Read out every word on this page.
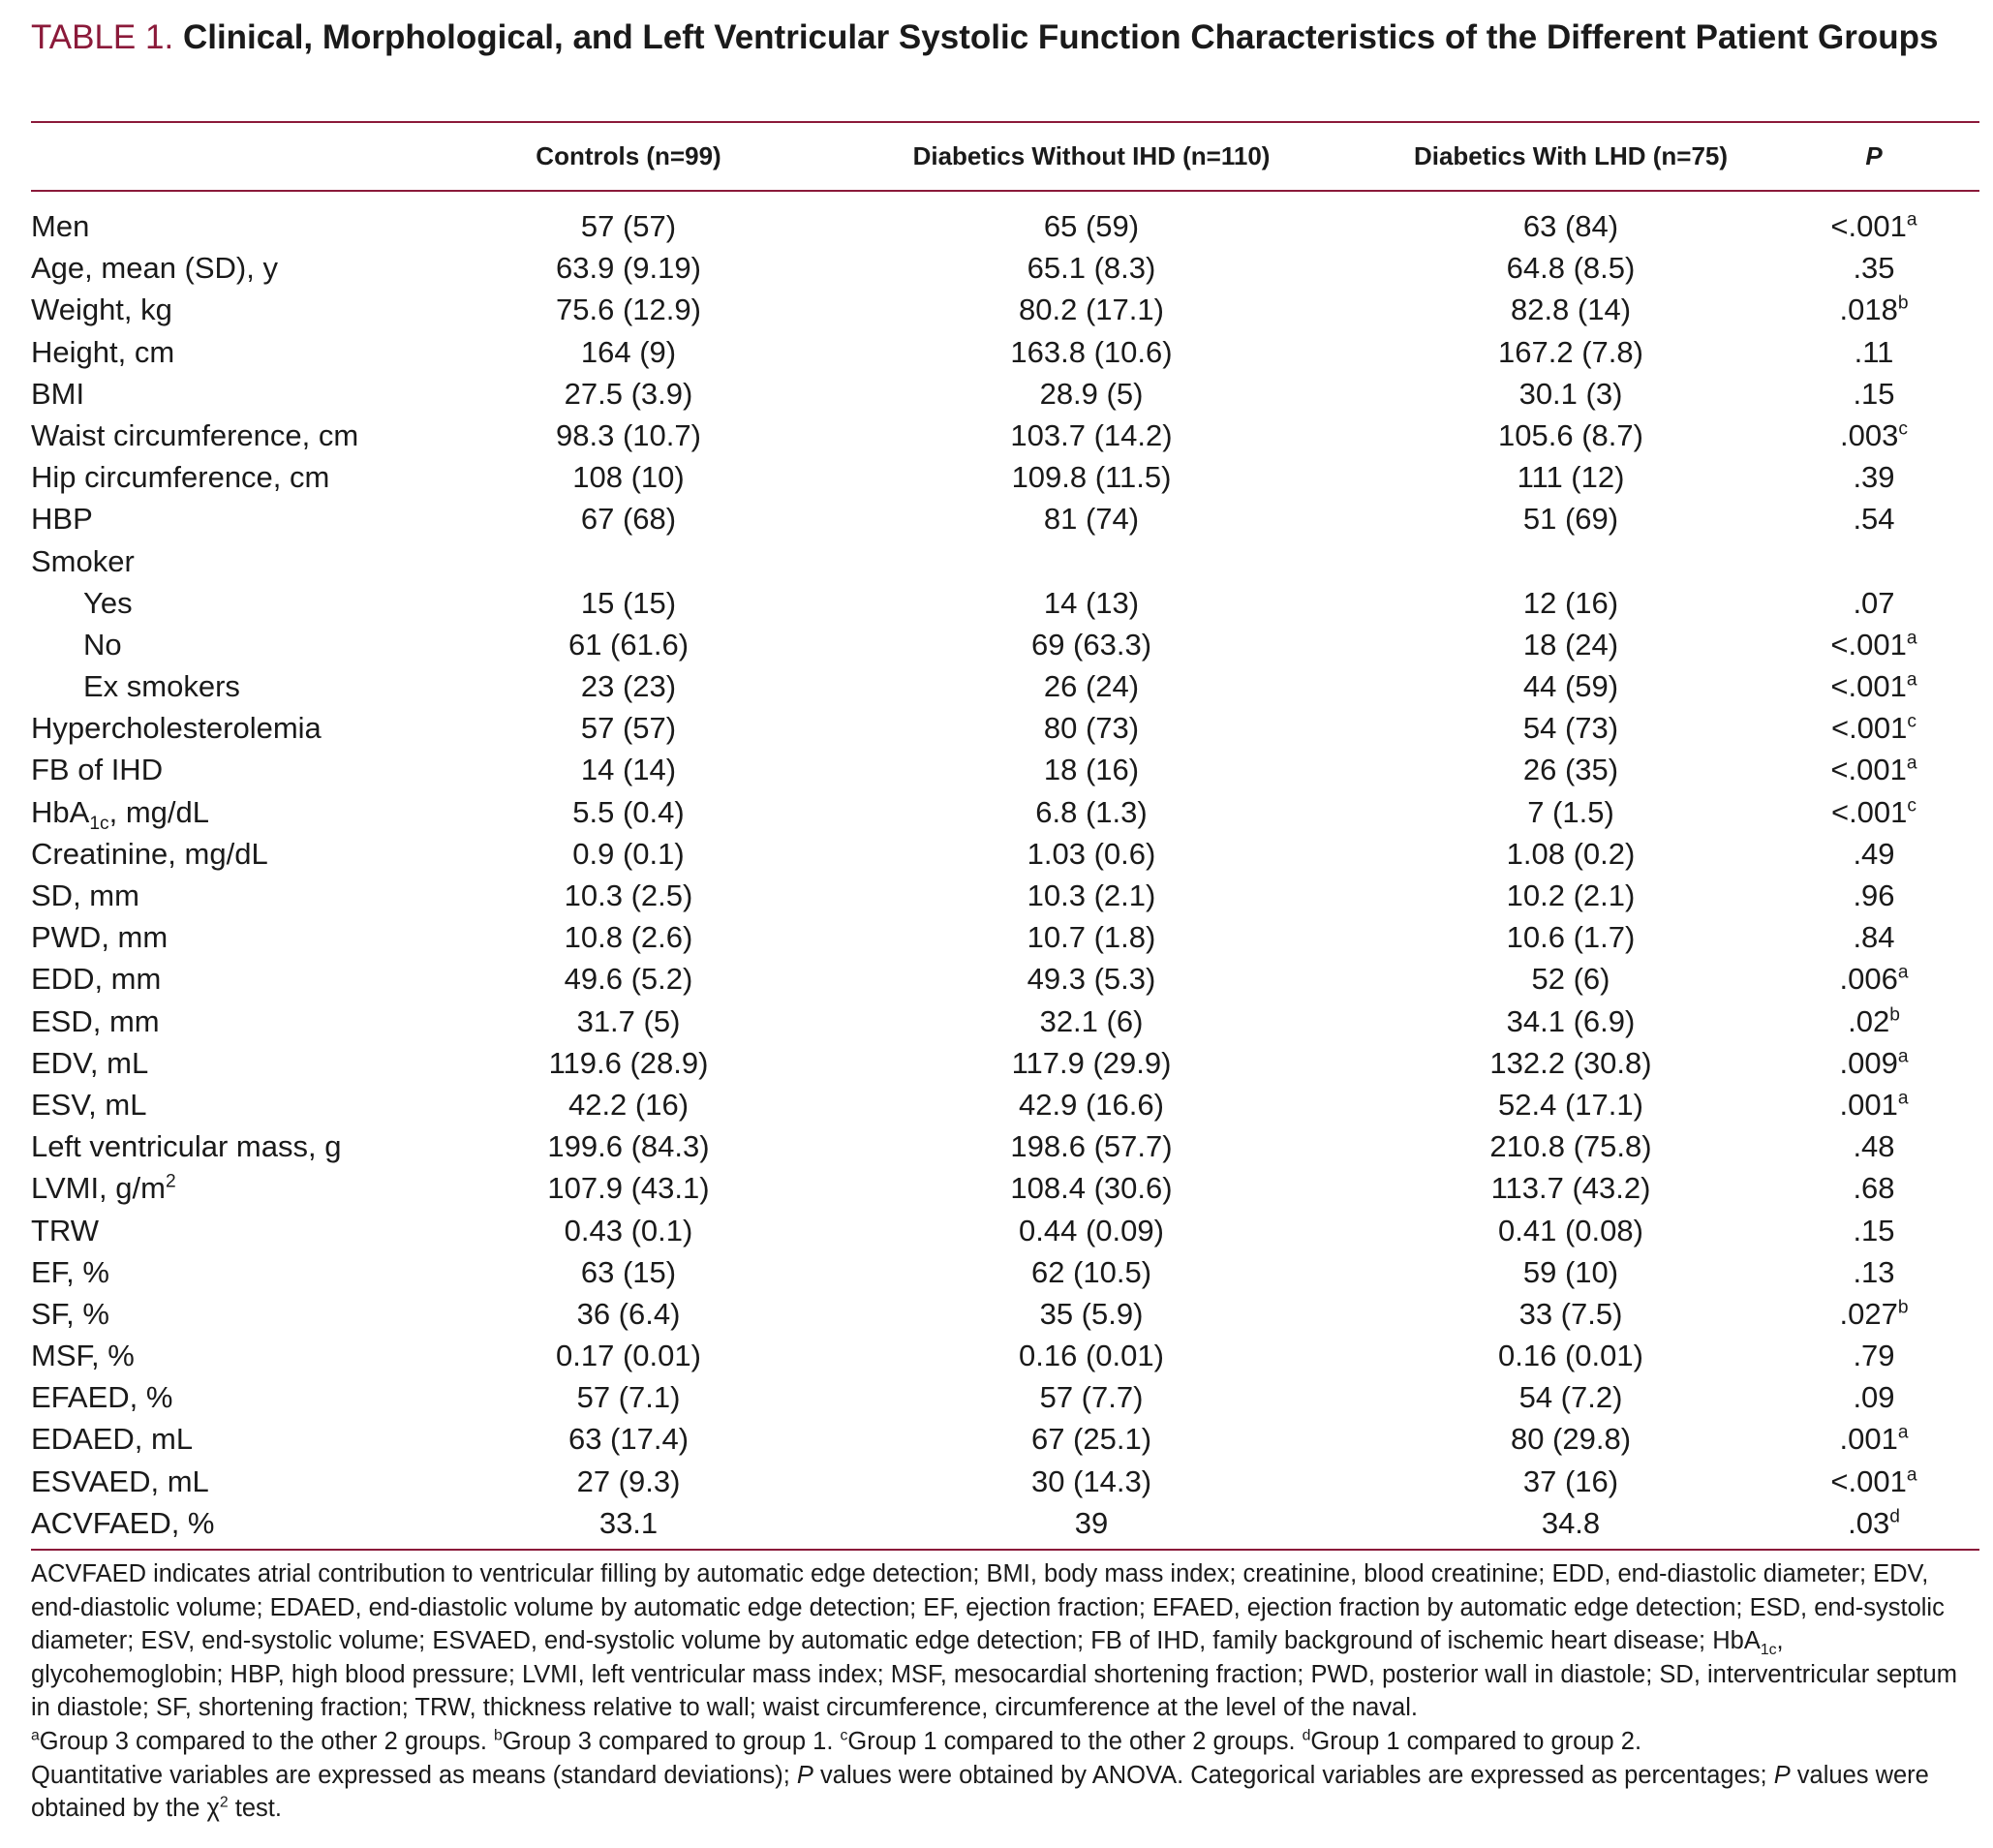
TABLE 1. Clinical, Morphological, and Left Ventricular Systolic Function Characteristics of the Different Patient Groups
Controls (n=99)	Diabetics Without IHD (n=110)	Diabetics With LHD (n=75)	P
Men	57 (57)	65 (59)	63 (84)	<.001$^a$
Age, mean (SD), y	63.9 (9.19)	65.1 (8.3)	64.8 (8.5)	.35
Weight, kg	75.6 (12.9)	80.2 (17.1)	82.8 (14)	.018$^b$
Height, cm	164 (9)	163.8 (10.6)	167.2 (7.8)	.11
BMI	27.5 (3.9)	28.9 (5)	30.1 (3)	.15
Waist circumference, cm	98.3 (10.7)	103.7 (14.2)	105.6 (8.7)	.003$^c$
Hip circumference, cm	108 (10)	109.8 (11.5)	111 (12)	.39
HBP	67 (68)	81 (74)	51 (69)	.54
Smoker
Yes	15 (15)	14 (13)	12 (16)	.07
No	61 (61.6)	69 (63.3)	18 (24)	<.001$^a$
Ex smokers	23 (23)	26 (24)	44 (59)	<.001$^a$
Hypercholesterolemia	57 (57)	80 (73)	54 (73)	<.001$^c$
FB of IHD	14 (14)	18 (16)	26 (35)	<.001$^a$
HbA$_{1c}$, mg/dL	5.5 (0.4)	6.8 (1.3)	7 (1.5)	<.001$^c$
Creatinine, mg/dL	0.9 (0.1)	1.03 (0.6)	1.08 (0.2)	.49
SD, mm	10.3 (2.5)	10.3 (2.1)	10.2 (2.1)	.96
PWD, mm	10.8 (2.6)	10.7 (1.8)	10.6 (1.7)	.84
EDD, mm	49.6 (5.2)	49.3 (5.3)	52 (6)	.006$^a$
ESD, mm	31.7 (5)	32.1 (6)	34.1 (6.9)	.02$^b$
EDV, mL	119.6 (28.9)	117.9 (29.9)	132.2 (30.8)	.009$^a$
ESV, mL	42.2 (16)	42.9 (16.6)	52.4 (17.1)	.001$^a$
Left ventricular mass, g	199.6 (84.3)	198.6 (57.7)	210.8 (75.8)	.48
LVMI, $g/m^2$	107.9 (43.1)	108.4 (30.6)	113.7 (43.2)	.68
TRW	0.43 (0.1)	0.44 (0.09)	0.41 (0.08)	.15
EF, %	63 (15)	62 (10.5)	59 (10)	.13
SF, %	36 (6.4)	35 (5.9)	33 (7.5)	.027$^b$
MSF, %	0.17 (0.01)	0.16 (0.01)	0.16 (0.01)	.79
EFAED, %	57 (7.1)	57 (7.7)	54 (7.2)	.09
EDAED, mL	63 (17.4)	67 (25.1)	80 (29.8)	.001$^a$
ESVAED, mL	27 (9.3)	30 (14.3)	37 (16)	<.001$^a$
ACVFAED, %	33.1	39	34.8	.03$^d$

ACVFAED indicates atrial contribution to ventricular filling by automatic edge detection; BMI, body mass index; creatinine, blood creatinine; EDD, end-diastolic diameter; EDV, end-diastolic volume; EDAED, end-diastolic volume by automatic edge detection; EF, ejection fraction; EFAED, ejection fraction by automatic edge detection; ESD, end-systolic diameter; ESV, end-systolic volume; ESVAED, end-systolic volume by automatic edge detection; FB of IHD, family background of ischemic heart disease; HbA$_{1c}$, glycohemoglobin; HBP, high blood pressure; LVMI, left ventricular mass index; MSF, mesocardial shortening fraction; PWD, posterior wall in diastole; SD, interventricular septum in diastole; SF, shortening fraction; TRW, thickness relative to wall; waist circumference, circumference at the level of the naval.

$^a$Group 3 compared to the other 2 groups. $^b$Group 3 compared to group 1. $^c$Group 1 compared to the other 2 groups. $^d$Group 1 compared to group 2.

Quantitative variables are expressed as means (standard deviations); P values were obtained by ANOVA. Categorical variables are expressed as percentages; P values were obtained by the $\chi^2$ test.
